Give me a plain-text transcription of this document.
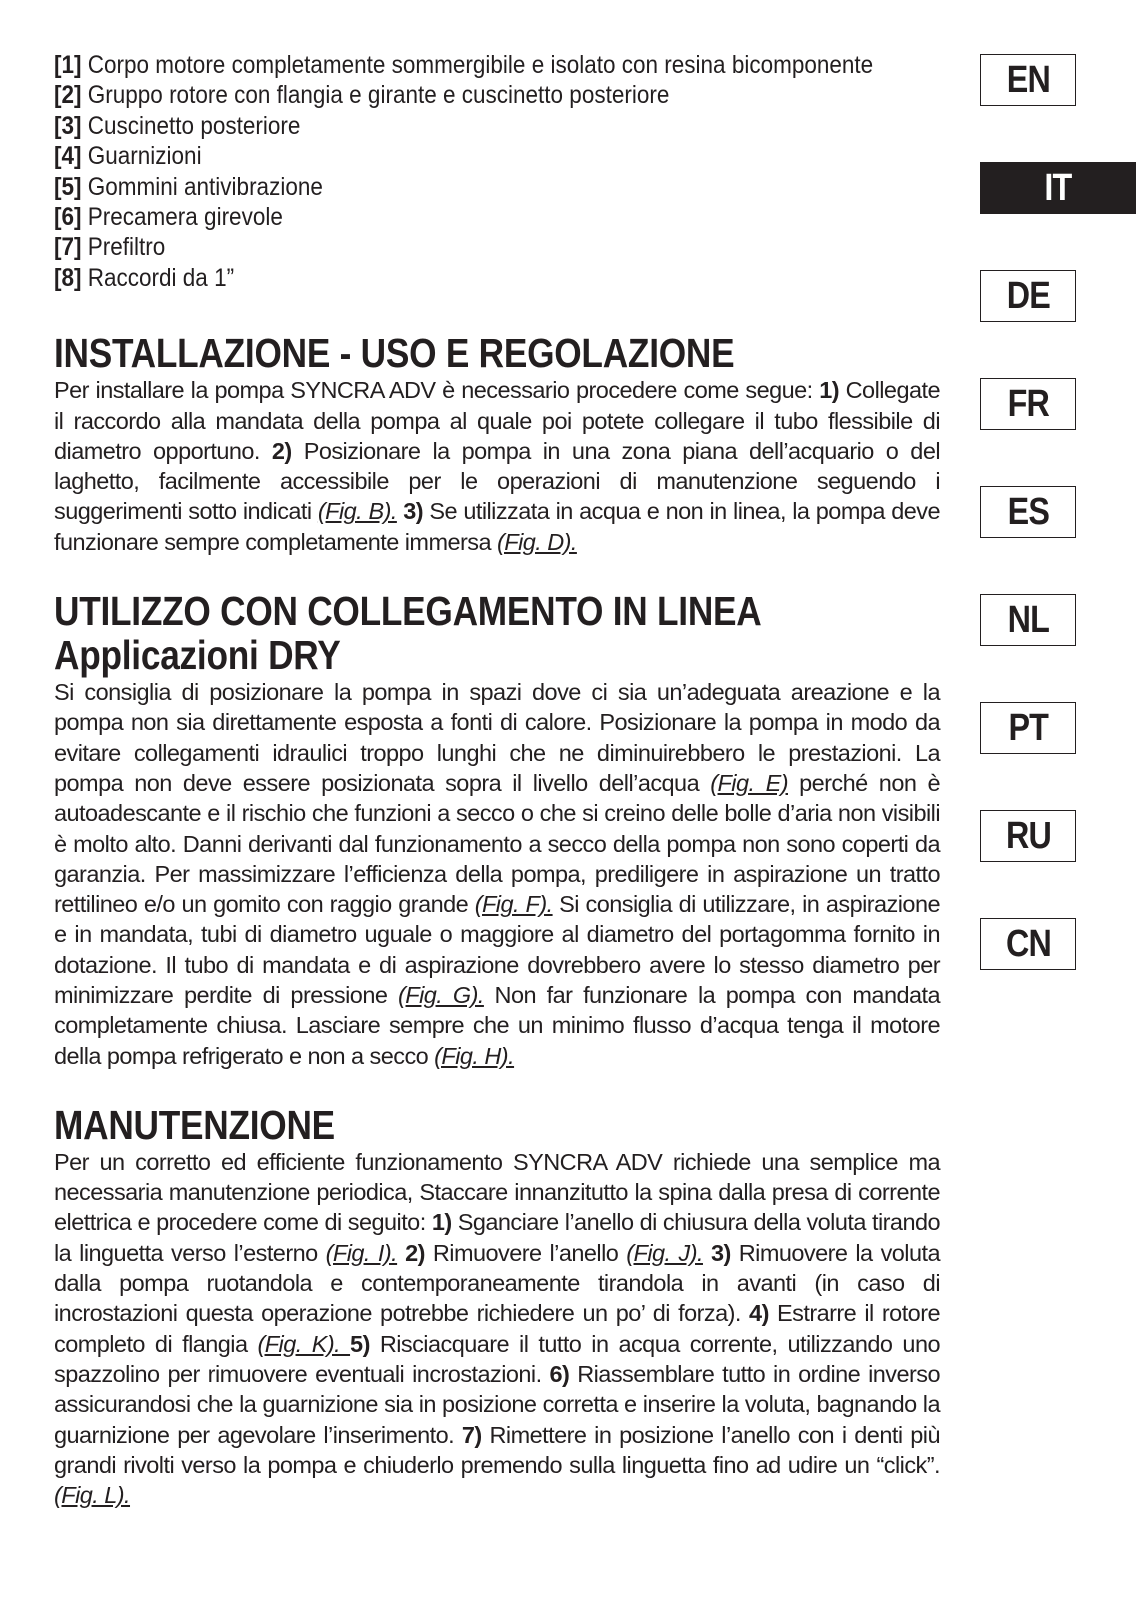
[1] Corpo motore completamente sommergibile e isolato con resina bicomponente
[2] Gruppo rotore con flangia e girante e cuscinetto posteriore
[3] Cuscinetto posteriore
[4] Guarnizioni
[5] Gommini antivibrazione
[6] Precamera girevole
[7] Prefiltro
[8] Raccordi da 1”
INSTALLAZIONE - USO E REGOLAZIONE

Per installare la pompa SYNCRA ADV è necessario procedere come segue: 1) Collegate il raccordo alla mandata della pompa al quale poi potete collegare il tubo flessibile di diametro opportuno. 2) Posizionare la pompa in una zona piana dell’acquario o del laghetto, facilmente accessibile per le operazioni di manutenzione seguendo i suggerimenti sotto indicati (Fig. B). 3) Se utilizzata in acqua e non in linea, la pompa deve funzionare sempre completamente immersa (Fig. D).

UTILIZZO CON COLLEGAMENTO IN LINEA
Applicazioni DRY

Si consiglia di posizionare la pompa in spazi dove ci sia un’adeguata areazione e la pompa non sia direttamente esposta a fonti di calore. Posizionare la pompa in modo da evitare collegamenti idraulici troppo lunghi che ne diminuirebbero le prestazioni. La pompa non deve essere posizionata sopra il livello dell’acqua (Fig. E) perché non è autoadescante e il rischio che funzioni a secco o che si creino delle bolle d’aria non visibili è molto alto. Danni derivanti dal funzionamento a secco della pompa non sono coperti da garanzia. Per massimizzare l’efficienza della pompa, prediligere in aspirazione un tratto rettilineo e/o un gomito con raggio grande (Fig. F). Si consiglia di utilizzare, in aspirazione e in mandata, tubi di diametro uguale o maggiore al diametro del portagomma fornito in dotazione. Il tubo di mandata e di aspirazione dovrebbero avere lo stesso diametro per minimizzare perdite di pressione (Fig. G). Non far funzionare la pompa con mandata completamente chiusa. Lasciare sempre che un minimo flusso d’acqua tenga il motore della pompa refrigerato e non a secco (Fig. H).

MANUTENZIONE

Per un corretto ed efficiente funzionamento SYNCRA ADV richiede una semplice ma necessaria manutenzione periodica, Staccare innanzitutto la spina dalla presa di corrente elettrica e procedere come di seguito: 1) Sganciare l’anello di chiusura della voluta tirando la linguetta verso l’esterno (Fig. I). 2) Rimuovere l’anello (Fig. J). 3) Rimuovere la voluta dalla pompa ruotandola e contemporaneamente tirandola in avanti (in caso di incrostazioni questa operazione potrebbe richiedere un po’ di forza). 4) Estrarre il rotore completo di flangia (Fig. K). 5) Risciacquare il tutto in acqua corrente, utilizzando uno spazzolino per rimuovere eventuali incrostazioni. 6) Riassemblare tutto in ordine inverso assicurandosi che la guarnizione sia in posizione corretta e inserire la voluta, bagnando la guarnizione per agevolare l’inserimento. 7) Rimettere in posizione l’anello con i denti più grandi rivolti verso la pompa e chiuderlo premendo sulla linguetta fino ad udire un “click”. (Fig. L).

EN
IT
DE
FR
ES
NL
PT
RU
CN
